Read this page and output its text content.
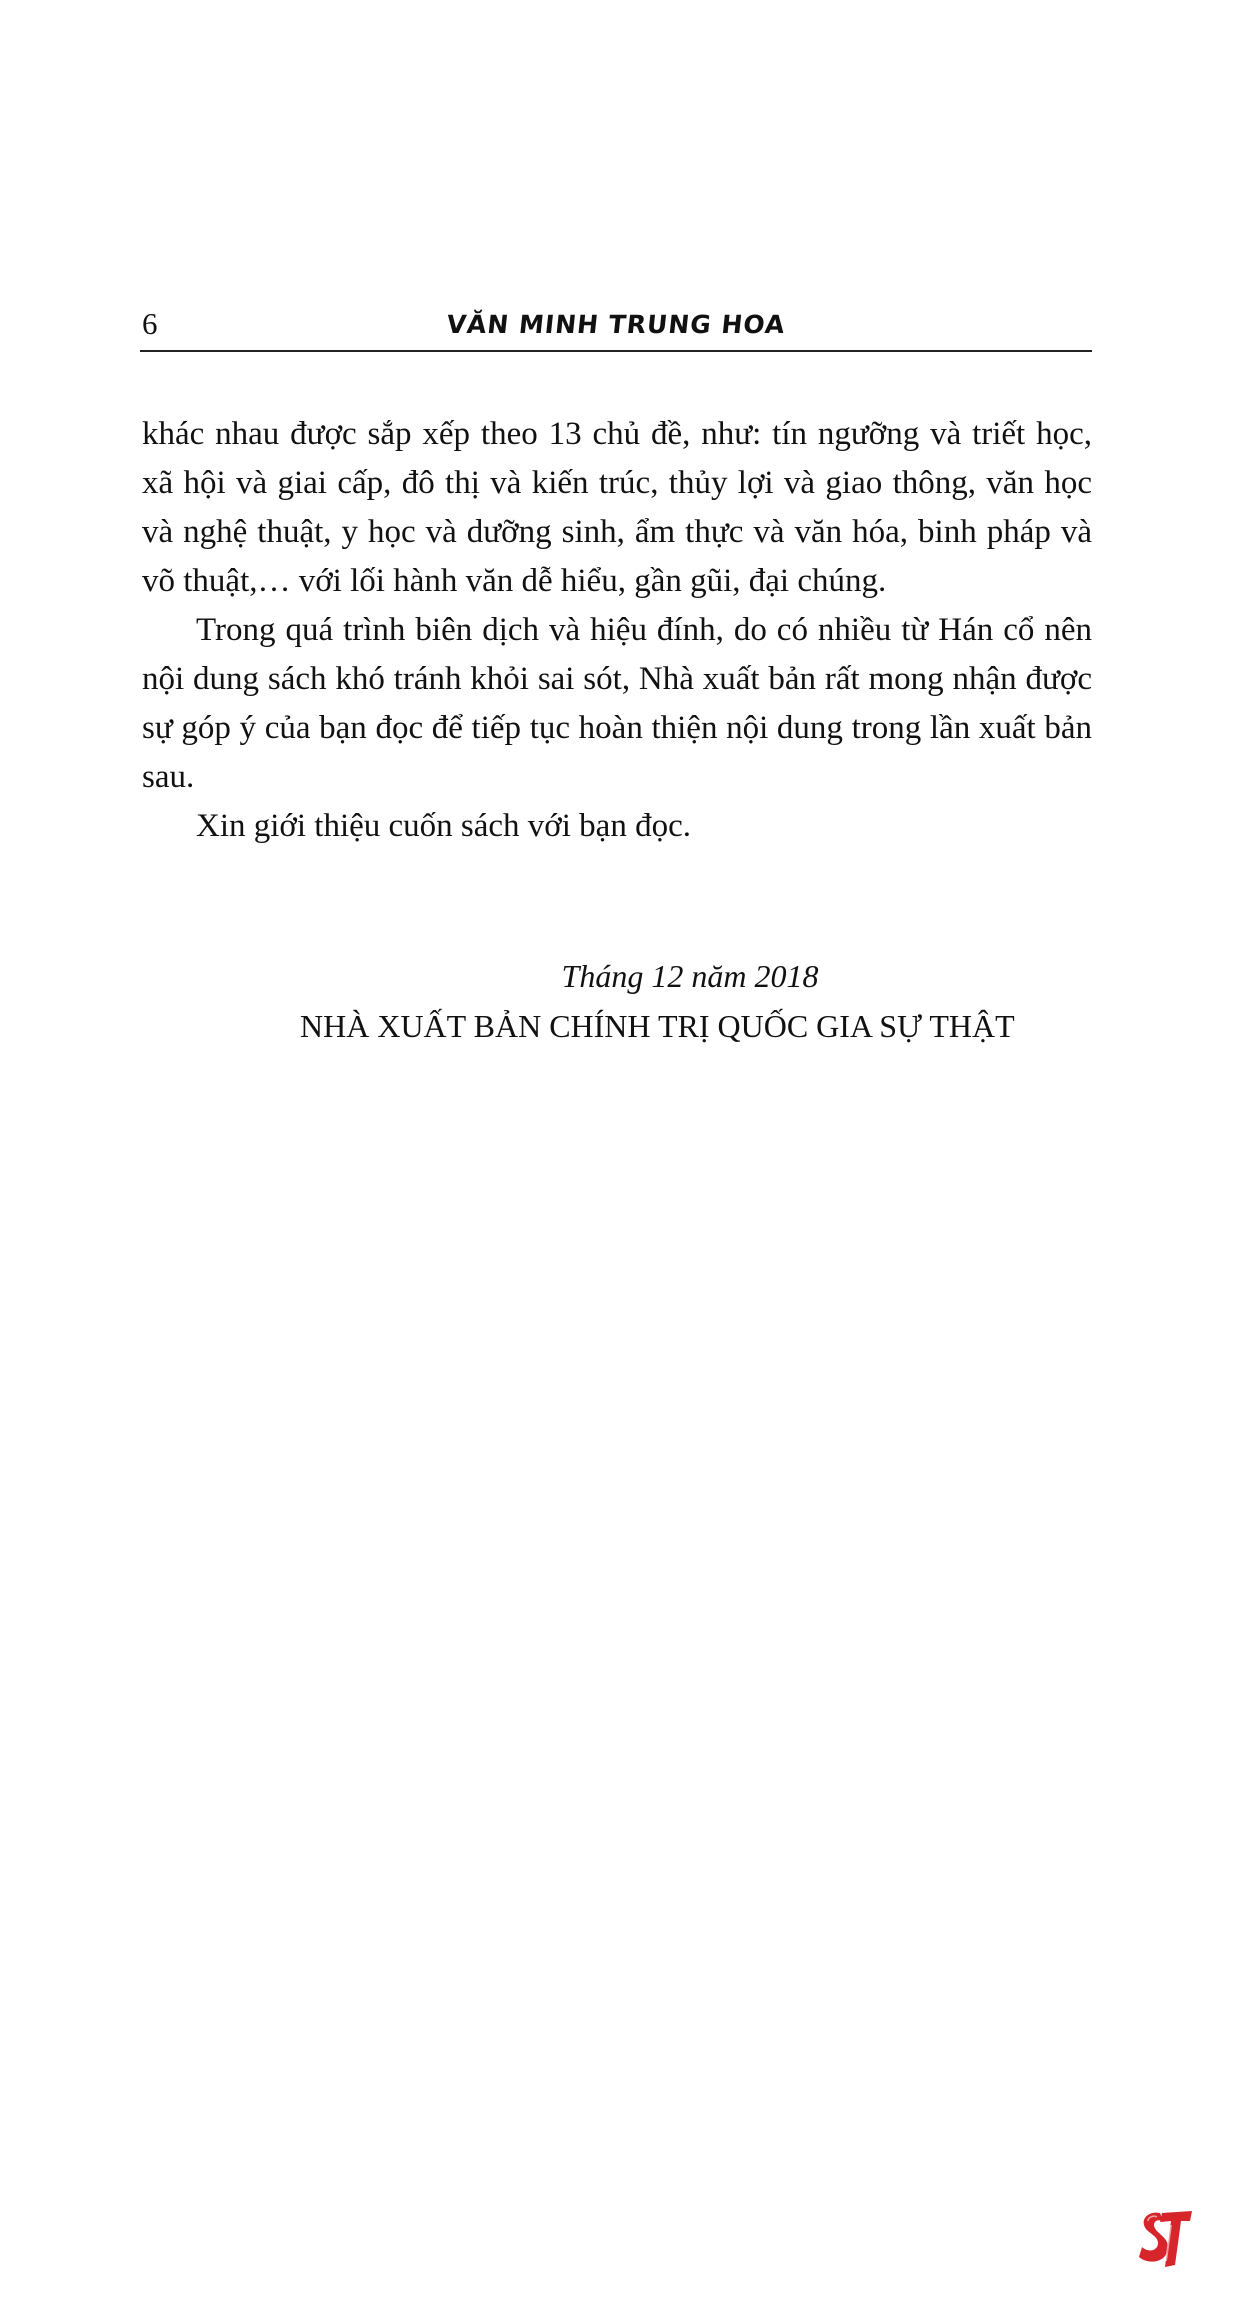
6	VĂN MINH TRUNG HOA

khác nhau được sắp xếp theo 13 chủ đề, như: tín ngưỡng và triết học, xã hội và giai cấp, đô thị và kiến trúc, thủy lợi và giao thông, văn học và nghệ thuật, y học và dưỡng sinh, ẩm thực và văn hóa, binh pháp và võ thuật,… với lối hành văn dễ hiểu, gần gũi, đại chúng.

Trong quá trình biên dịch và hiệu đính, do có nhiều từ Hán cổ nên nội dung sách khó tránh khỏi sai sót, Nhà xuất bản rất mong nhận được sự góp ý của bạn đọc để tiếp tục hoàn thiện nội dung trong lần xuất bản sau.

Xin giới thiệu cuốn sách với bạn đọc.

Tháng 12 năm 2018
NHÀ XUẤT BẢN CHÍNH TRỊ QUỐC GIA SỰ THẬT
